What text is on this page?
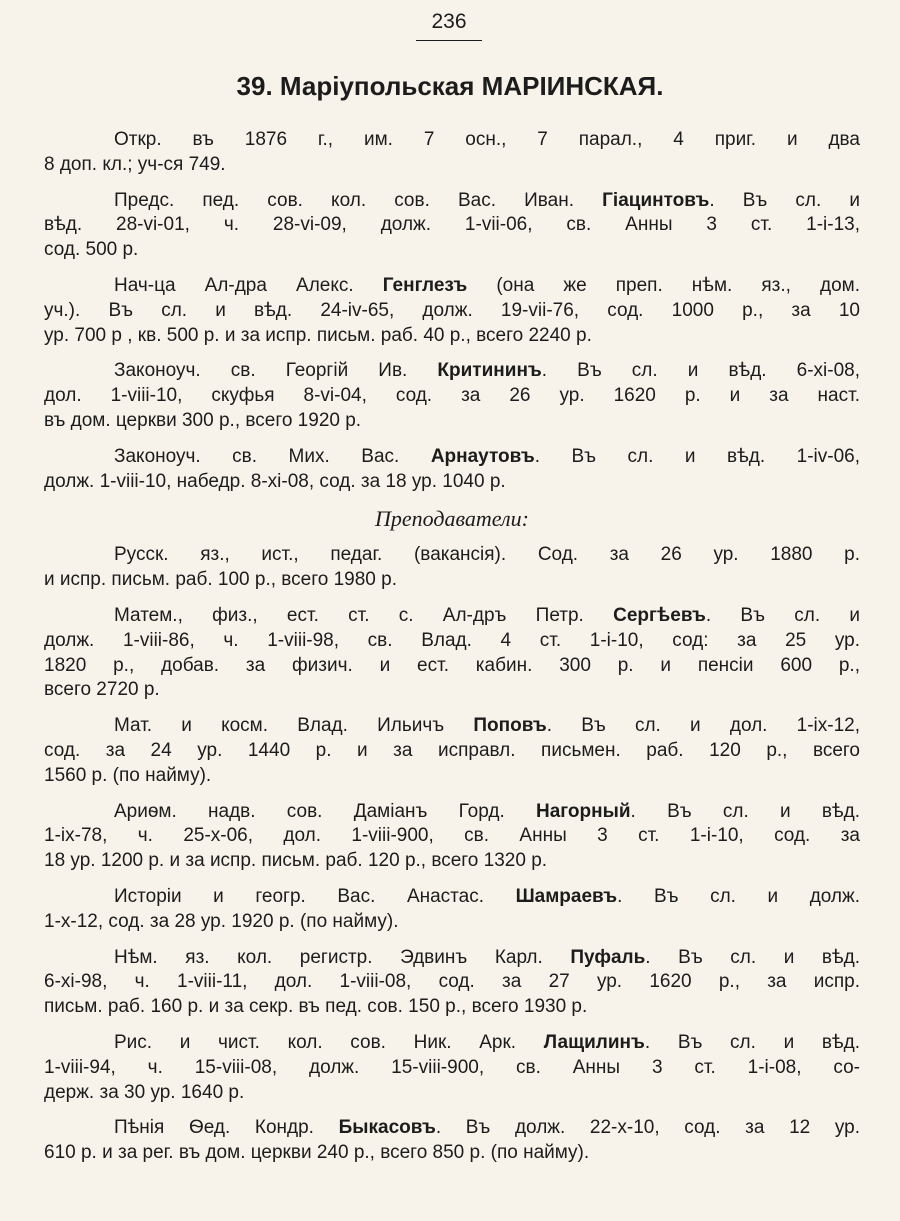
236
39. Маріупольская МАРІИНСКАЯ.
Откр. въ 1876 г., им. 7 осн., 7 парал., 4 приг. и два
8 доп. кл.; уч-ся 749.
Предс. пед. сов. кол. сов. Вас. Иван. Гіацинтовъ. Въ сл. и
вѣд. 28-vi-01, ч. 28-vi-09, долж. 1-vii-06, св. Анны 3 ст. 1-i-13,
сод. 500 р.
Нач-ца Ал-дра Алекс. Генглезъ (она же преп. нѣм. яз., дом.
уч.). Въ сл. и вѣд. 24-iv-65, долж. 19-vii-76, сод. 1000 р., за 10
ур. 700 р , кв. 500 р. и за испр. письм. раб. 40 р., всего 2240 р.
Законоуч. св. Георгій Ив. Критининъ. Въ сл. и вѣд. 6-xi-08,
дол. 1-viii-10, скуфья 8-vi-04, сод. за 26 ур. 1620 р. и за наст.
въ дом. церкви 300 р., всего 1920 р.
Законоуч. св. Мих. Вас. Арнаутовъ. Въ сл. и вѣд. 1-iv-06,
долж. 1-viii-10, набедр. 8-xi-08, сод. за 18 ур. 1040 р.
Преподаватели:
Русск. яз., ист., педаг. (вакансія). Сод. за 26 ур. 1880 р.
и испр. письм. раб. 100 р., всего 1980 р.
Матем., физ., ест. ст. с. Ал-дръ Петр. Сергѣевъ. Въ сл. и
долж. 1-viii-86, ч. 1-viii-98, св. Влад. 4 ст. 1-i-10, сод: за 25 ур.
1820 р., добав. за физич. и ест. кабин. 300 р. и пенсіи 600 р.,
всего 2720 р.
Мат. и косм. Влад. Ильичъ Поповъ. Въ сл. и дол. 1-ix-12,
сод. за 24 ур. 1440 р. и за исправл. письмен. раб. 120 р., всего
1560 р. (по найму).
Ариѳм. надв. сов. Даміанъ Горд. Нагорный. Въ сл. и вѣд.
1-ix-78, ч. 25-x-06, дол. 1-viii-900, св. Анны 3 ст. 1-i-10, сод. за
18 ур. 1200 р. и за испр. письм. раб. 120 р., всего 1320 р.
Исторіи и геогр. Вас. Анастас. Шамраевъ. Въ сл. и долж.
1-x-12, сод. за 28 ур. 1920 р. (по найму).
Нѣм. яз. кол. регистр. Эдвинъ Карл. Пуфаль. Въ сл. и вѣд.
6-xi-98, ч. 1-viii-11, дол. 1-viii-08, сод. за 27 ур. 1620 р., за испр.
письм. раб. 160 р. и за секр. въ пед. сов. 150 р., всего 1930 р.
Рис. и чист. кол. сов. Ник. Арк. Лащилинъ. Въ сл. и вѣд.
1-viii-94, ч. 15-viii-08, долж. 15-viii-900, св. Анны 3 ст. 1-i-08, со-
держ. за 30 ур. 1640 р.
Пѣнія Ѳед. Кондр. Быкасовъ. Въ долж. 22-x-10, сод. за 12 ур.
610 р. и за рег. въ дом. церкви 240 р., всего 850 р. (по найму).
